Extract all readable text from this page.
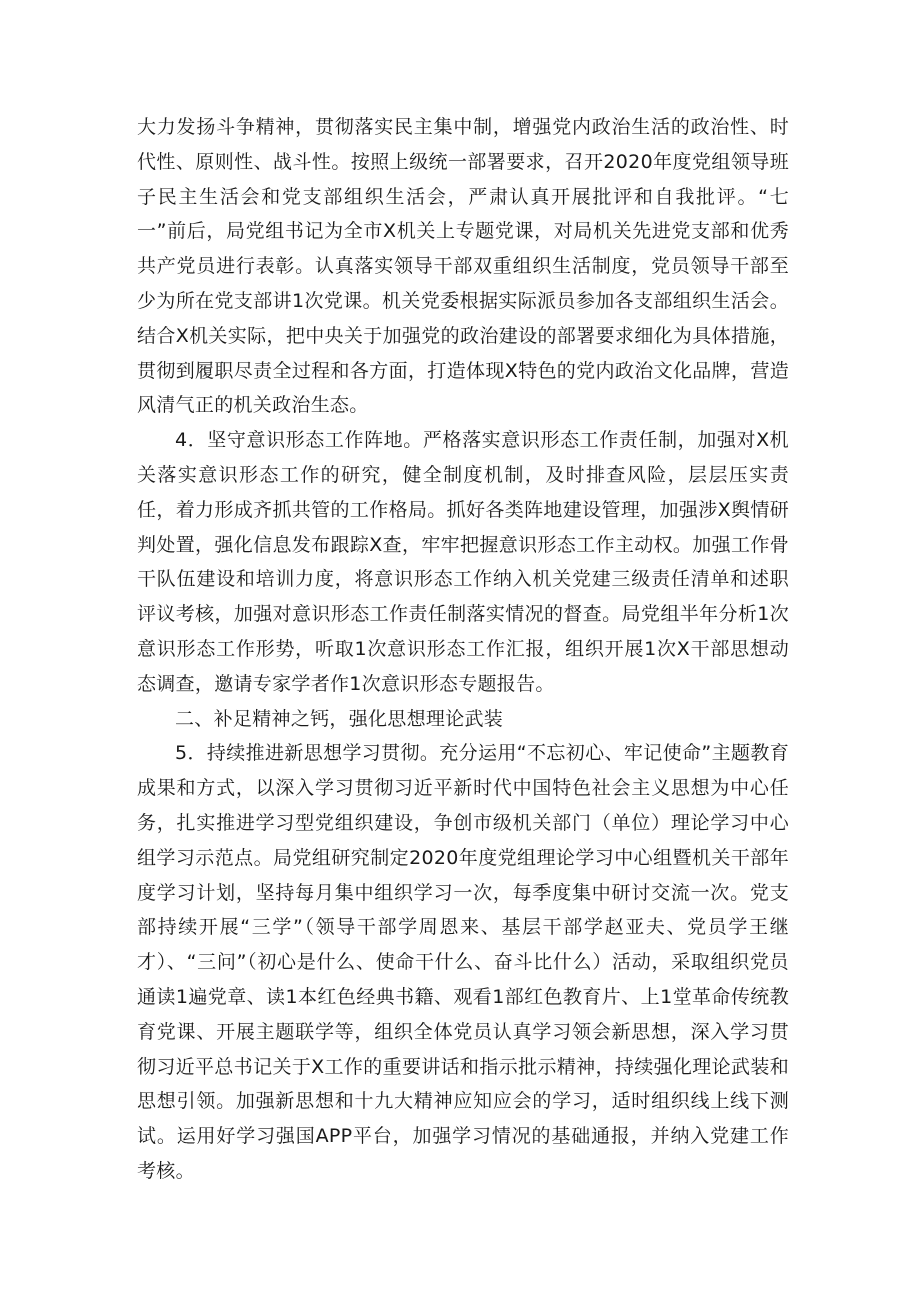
大力发扬斗争精神，贯彻落实民主集中制，增强党内政治生活的政治性、时代性、原则性、战斗性。按照上级统一部署要求，召开2020年度党组领导班子民主生活会和党支部组织生活会，严肃认真开展批评和自我批评。“七一”前后，局党组书记为全市X机关上专题党课，对局机关先进党支部和优秀共产党员进行表彰。认真落实领导干部双重组织生活制度，党员领导干部至少为所在党支部讲1次党课。机关党委根据实际派员参加各支部组织生活会。结合X机关实际，把中央关于加强党的政治建设的部署要求细化为具体措施，贯彻到履职尽责全过程和各方面，打造体现X特色的党内政治文化品牌，营造风清气正的机关政治生态。

4．坚守意识形态工作阵地。严格落实意识形态工作责任制，加强对X机关落实意识形态工作的研究，健全制度机制，及时排查风险，层层压实责任，着力形成齐抓共管的工作格局。抓好各类阵地建设管理，加强涉X舆情研判处置，强化信息发布跟踪X查，牢牢把握意识形态工作主动权。加强工作骨干队伍建设和培训力度，将意识形态工作纳入机关党建三级责任清单和述职评议考核，加强对意识形态工作责任制落实情况的督查。局党组半年分析1次意识形态工作形势，听取1次意识形态工作汇报，组织开展1次X干部思想动态调查，邀请专家学者作1次意识形态专题报告。

二、补足精神之钙，强化思想理论武装

5．持续推进新思想学习贯彻。充分运用“不忘初心、牢记使命”主题教育成果和方式，以深入学习贯彻习近平新时代中国特色社会主义思想为中心任务，扎实推进学习型党组织建设，争创市级机关部门（单位）理论学习中心组学习示范点。局党组研究制定2020年度党组理论学习中心组暨机关干部年度学习计划，坚持每月集中组织学习一次，每季度集中研讨交流一次。党支部持续开展“三学”（领导干部学周恩来、基层干部学赵亚夫、党员学王继才）、“三问”（初心是什么、使命干什么、奋斗比什么）活动，采取组织党员通读1遍党章、读1本红色经典书籍、观看1部红色教育片、上1堂革命传统教育党课、开展主题联学等，组织全体党员认真学习领会新思想，深入学习贯彻习近平总书记关于X工作的重要讲话和指示批示精神，持续强化理论武装和思想引领。加强新思想和十九大精神应知应会的学习，适时组织线上线下测试。运用好学习强国APP平台，加强学习情况的基础通报，并纳入党建工作考核。
